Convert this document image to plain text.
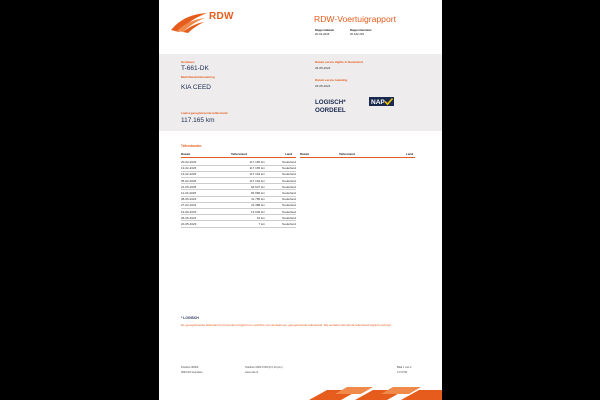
RDW	RDW-Voertuigrapport
Rapportdatum
20-02-2026
Rapportnummer
20.642.249
Kenteken
T-661-DK
Merk/Handelsbenaming
KIA CEED
Laatst geregistreerde tellerstand
117.165 km
Datum eerste afgifte in Nederland
26-05-2023
Datum eerste toelating
26-05-2023
LOGISCH*
OORDEEL
NAP
Tellerstanden
Datum	Tellerstand	Land	Datum	Tellerstand	Land
20-02-2026	117.165 km	Nederland
13-02-2026	117.165 km	Nederland
13-02-2026	117.164 km	Nederland
05-02-2026	117.164 km	Nederland
21-05-2025	94.537 km	Nederland
11-03-2025	83.980 km	Nederland
08-05-2024	41.785 km	Nederland
27-02-2024	31.388 km	Nederland
19-09-2023	13.036 km	Nederland
26-05-2023	10 km	Nederland
20-05-2023	7 km	Nederland
* LOGISCH
De geregistreerde tellerstand is binnenkort logisch ten opzichte van de daarvoor geregistreerde tellerstand. Wij oordelen dat dat de tellerstand logisch verloopt.
Postbus 30000
9640 RA Veendam
Telefoon 0900 0739 (€ 0,10 p/m)
www.rdw.nl
Blad 1 van 2
2.0 NTW
